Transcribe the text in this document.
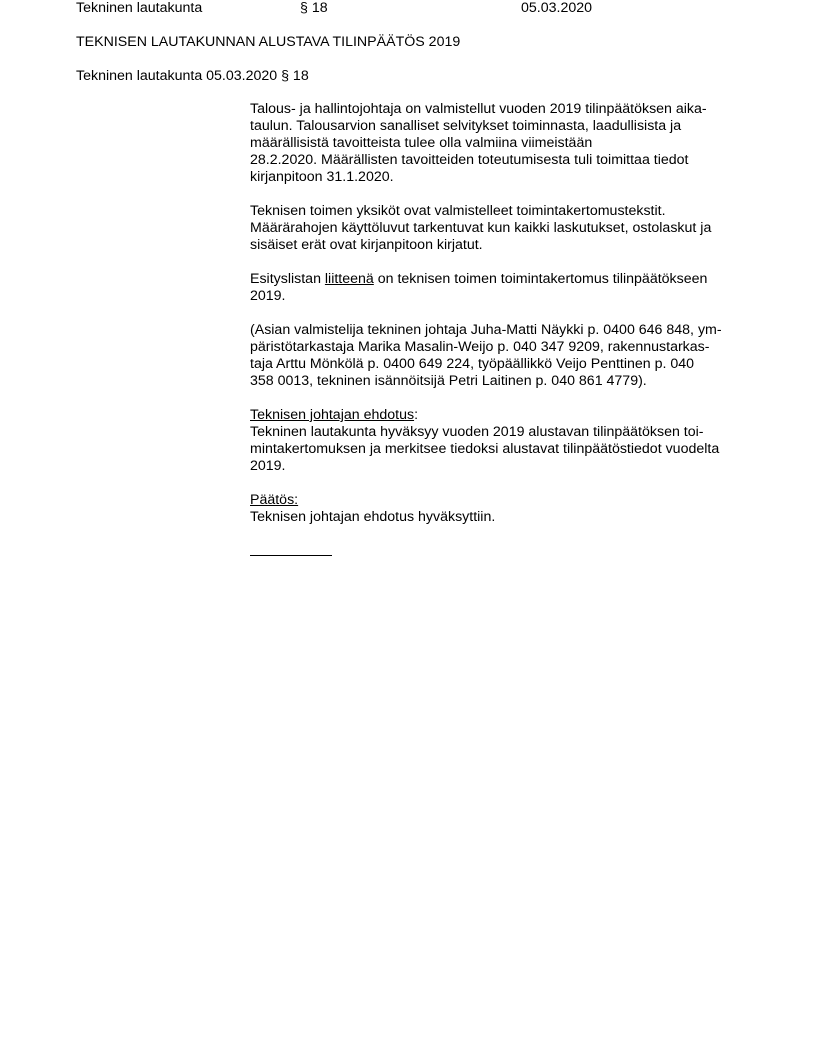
Tekninen lautakunta	§ 18	05.03.2020
TEKNISEN LAUTAKUNNAN ALUSTAVA TILINPÄÄTÖS 2019
Tekninen lautakunta 05.03.2020 § 18

Talous- ja hallintojohtaja on valmistellut vuoden 2019 tilinpäätöksen aika-
taulun. Talousarvion sanalliset selvitykset toiminnasta, laadullisista ja
määrällisistä tavoitteista tulee olla valmiina viimeistään
28.2.2020. Määrällisten tavoitteiden toteutumisesta tuli toimittaa tiedot
kirjanpitoon 31.1.2020.

Teknisen toimen yksiköt ovat valmistelleet toimintakertomustekstit.
Määrärahojen käyttöluvut tarkentuvat kun kaikki laskutukset, ostolaskut ja
sisäiset erät ovat kirjanpitoon kirjatut.

Esityslistan liitteenä on teknisen toimen toimintakertomus tilinpäätökseen
2019.

(Asian valmistelija tekninen johtaja Juha-Matti Näykki p. 0400 646 848, ym-
päristötarkastaja Marika Masalin-Weijo p. 040 347 9209, rakennustarkas-
taja Arttu Mönkölä p. 0400 649 224, työpäällikkö Veijo Penttinen p. 040
358 0013, tekninen isännöitsijä Petri Laitinen p. 040 861 4779).

Teknisen johtajan ehdotus:
Tekninen lautakunta hyväksyy vuoden 2019 alustavan tilinpäätöksen toi-
mintakertomuksen ja merkitsee tiedoksi alustavat tilinpäätöstiedot vuodelta
2019.

Päätös:
Teknisen johtajan ehdotus hyväksyttiin.
